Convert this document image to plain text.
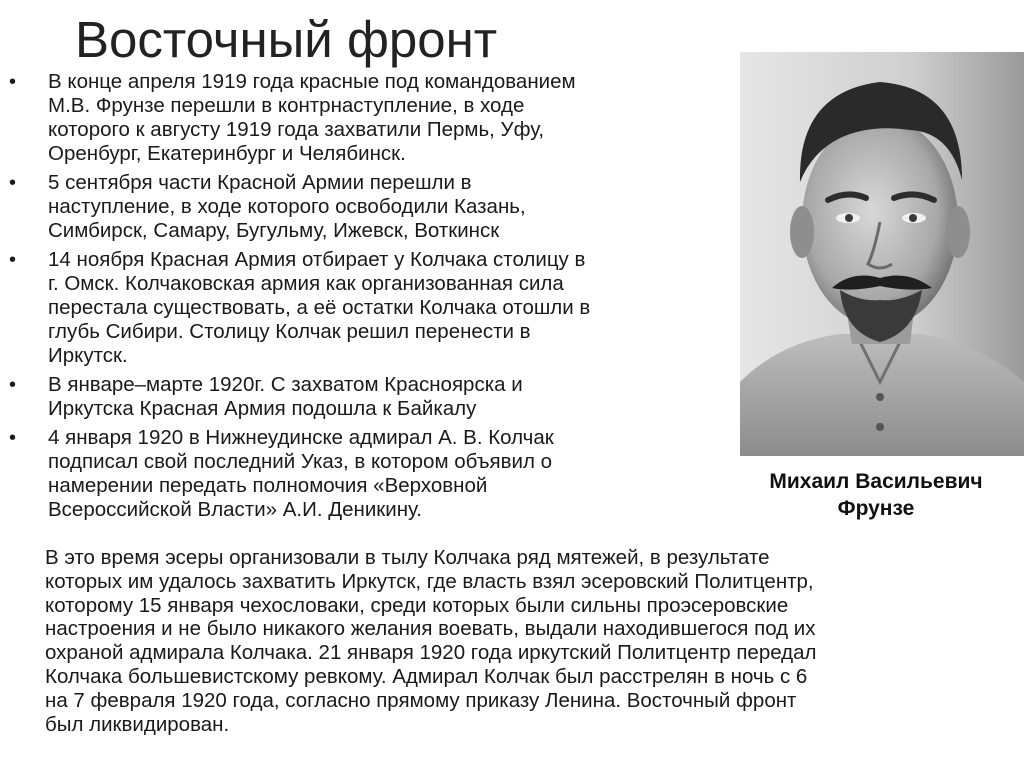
Восточный фронт
• В конце апреля 1919 года красные под командованием
М.В. Фрунзе перешли в контрнаступление, в ходе
которого к августу 1919 года захватили Пермь, Уфу,
Оренбург, Екатеринбург и Челябинск.
• 5 сентября части Красной Армии перешли в
наступление, в ходе которого освободили Казань,
Симбирск, Самару, Бугульму, Ижевск, Воткинск
• 14 ноября Красная Армия отбирает у Колчака столицу в
г. Омск. Колчаковская армия как организованная сила
перестала существовать, а её остатки Колчака отошли в
глубь Сибири. Столицу Колчак решил перенести в
Иркутск.
• В январе–марте 1920г. С захватом Красноярска и
Иркутска Красная Армия подошла к Байкалу
• 4 января 1920 в Нижнеудинске адмирал А. В. Колчак
подписал свой последний Указ, в котором объявил о
намерении передать полномочия «Верховной
Всероссийской Власти» А.И. Деникину.
Михаил Васильевич
Фрунзе
В это время эсеры организовали в тылу Колчака ряд мятежей, в результате
которых им удалось захватить Иркутск, где власть взял эсеровский Политцентр,
которому 15 января чехословаки, среди которых были сильны проэсеровские
настроения и не было никакого желания воевать, выдали находившегося под их
охраной адмирала Колчака. 21 января 1920 года иркутский Политцентр передал
Колчака большевистскому ревкому. Адмирал Колчак был расстрелян в ночь с 6
на 7 февраля 1920 года, согласно прямому приказу Ленина. Восточный фронт
был ликвидирован.
